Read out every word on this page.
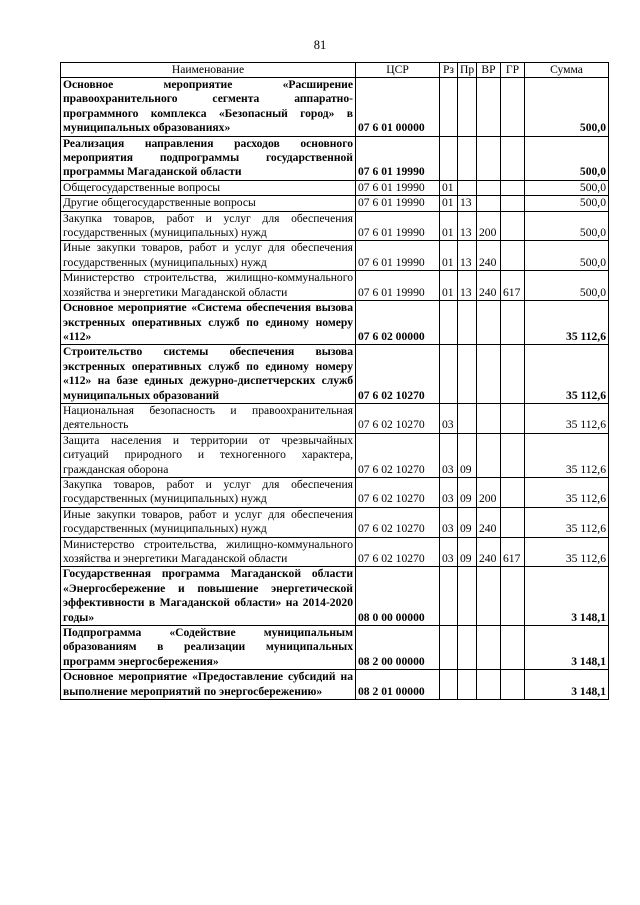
81
Наименование	ЦСР	Рз	Пр	ВР	ГР	Сумма
Основное мероприятие «Расширение правоохранительного сегмента аппаратно-программного комплекса «Безопасный город» в муниципальных образованиях»	07 6 01 00000					500,0
Реализация направления расходов основного мероприятия подпрограммы государственной программы Магаданской области	07 6 01 19990					500,0
Общегосударственные вопросы	07 6 01 19990	01				500,0
Другие общегосударственные вопросы	07 6 01 19990	01	13			500,0
Закупка товаров, работ и услуг для обеспечения государственных (муниципальных) нужд	07 6 01 19990	01	13	200		500,0
Иные закупки товаров, работ и услуг для обеспечения государственных (муниципальных) нужд	07 6 01 19990	01	13	240		500,0
Министерство строительства, жилищно-коммунального хозяйства и энергетики Магаданской области	07 6 01 19990	01	13	240	617	500,0
Основное мероприятие «Система обеспечения вызова экстренных оперативных служб по единому номеру «112»	07 6 02 00000					35 112,6
Строительство системы обеспечения вызова экстренных оперативных служб по единому номеру «112» на базе единых дежурно-диспетчерских служб муниципальных образований	07 6 02 10270					35 112,6
Национальная безопасность и правоохранительная деятельность	07 6 02 10270	03				35 112,6
Защита населения и территории от чрезвычайных ситуаций природного и техногенного характера, гражданская оборона	07 6 02 10270	03	09			35 112,6
Закупка товаров, работ и услуг для обеспечения государственных (муниципальных) нужд	07 6 02 10270	03	09	200		35 112,6
Иные закупки товаров, работ и услуг для обеспечения государственных (муниципальных) нужд	07 6 02 10270	03	09	240		35 112,6
Министерство строительства, жилищно-коммунального хозяйства и энергетики Магаданской области	07 6 02 10270	03	09	240	617	35 112,6
Государственная программа Магаданской области «Энергосбережение и повышение энергетической эффективности в Магаданской области» на 2014-2020 годы»	08 0 00 00000					3 148,1
Подпрограмма «Содействие муниципальным образованиям в реализации муниципальных программ энергосбережения»	08 2 00 00000					3 148,1
Основное мероприятие «Предоставление субсидий на выполнение мероприятий по энергосбережению»	08 2 01 00000					3 148,1
